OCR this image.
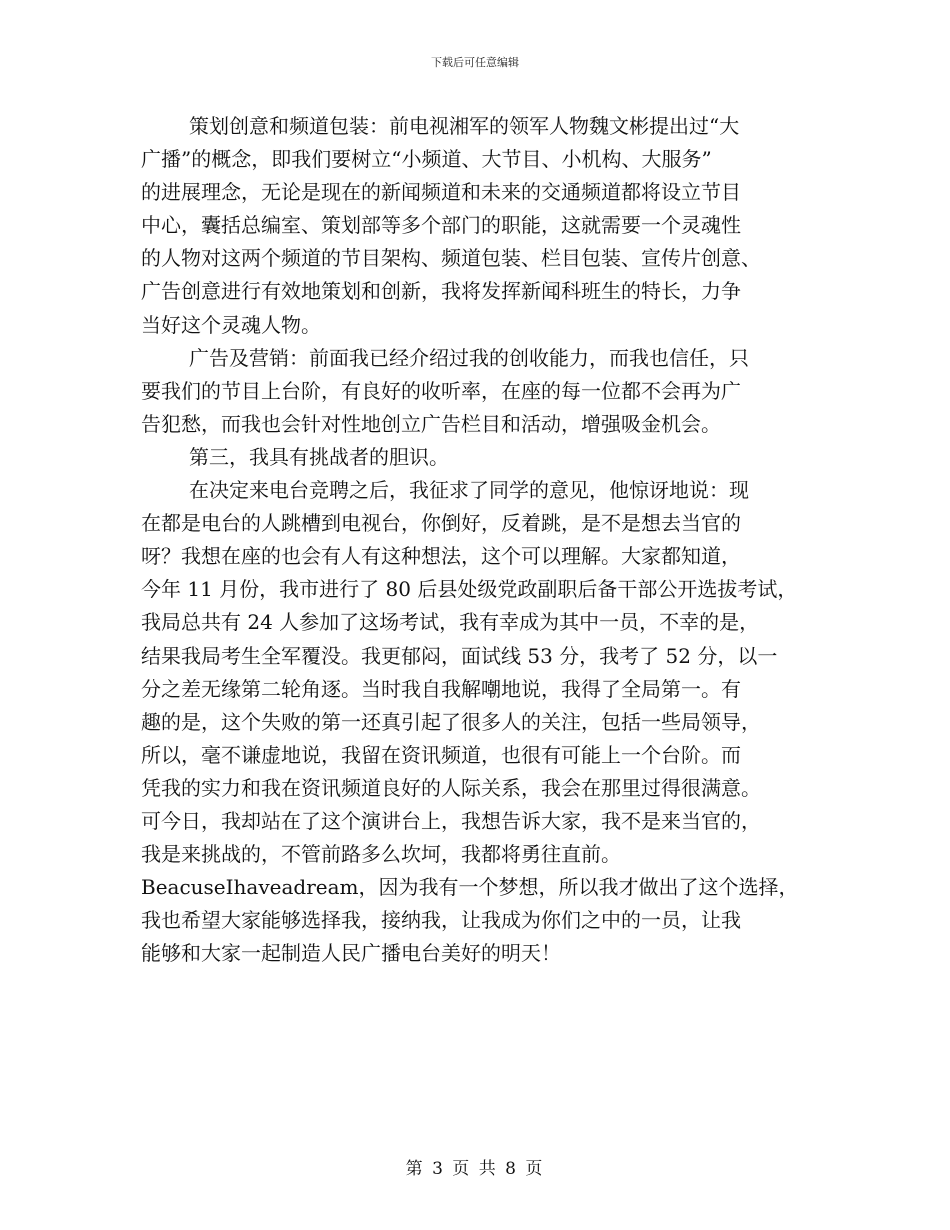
下载后可任意编辑

策划创意和频道包装：前电视湘军的领军人物魏文彬提出过“大
广播”的概念，即我们要树立“小频道、大节目、小机构、大服务”
的进展理念，无论是现在的新闻频道和未来的交通频道都将设立节目
中心，囊括总编室、策划部等多个部门的职能，这就需要一个灵魂性
的人物对这两个频道的节目架构、频道包装、栏目包装、宣传片创意、
广告创意进行有效地策划和创新，我将发挥新闻科班生的特长，力争
当好这个灵魂人物。
广告及营销：前面我已经介绍过我的创收能力，而我也信任，只
要我们的节目上台阶，有良好的收听率，在座的每一位都不会再为广
告犯愁，而我也会针对性地创立广告栏目和活动，增强吸金机会。
第三，我具有挑战者的胆识。
在决定来电台竞聘之后，我征求了同学的意见，他惊讶地说：现
在都是电台的人跳槽到电视台，你倒好，反着跳，是不是想去当官的
呀？我想在座的也会有人有这种想法，这个可以理解。大家都知道，
今年 11 月份，我市进行了 80 后县处级党政副职后备干部公开选拔考试，
我局总共有 24 人参加了这场考试，我有幸成为其中一员，不幸的是，
结果我局考生全军覆没。我更郁闷，面试线 53 分，我考了 52 分，以一
分之差无缘第二轮角逐。当时我自我解嘲地说，我得了全局第一。有
趣的是，这个失败的第一还真引起了很多人的关注，包括一些局领导，
所以，毫不谦虚地说，我留在资讯频道，也很有可能上一个台阶。而
凭我的实力和我在资讯频道良好的人际关系，我会在那里过得很满意。
可今日，我却站在了这个演讲台上，我想告诉大家，我不是来当官的，
我是来挑战的，不管前路多么坎坷，我都将勇往直前。
BeacuseIhaveadream，因为我有一个梦想，所以我才做出了这个选择，
我也希望大家能够选择我，接纳我，让我成为你们之中的一员，让我
能够和大家一起制造人民广播电台美好的明天！

第 3 页 共 8 页
